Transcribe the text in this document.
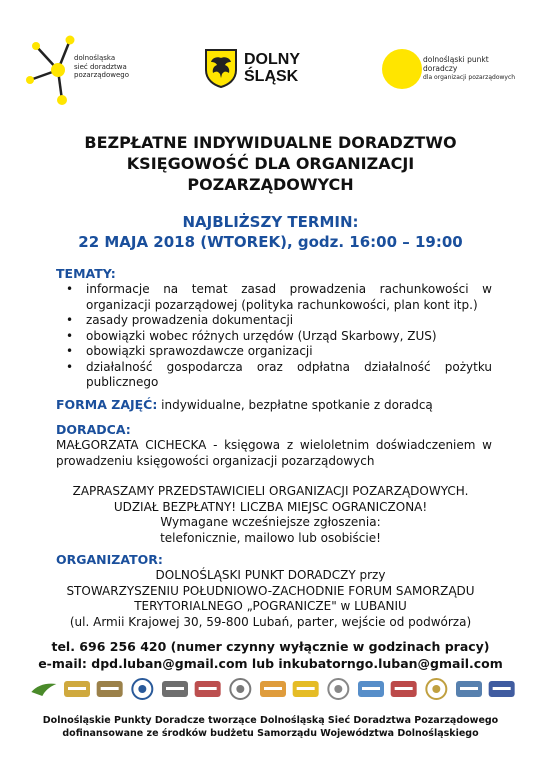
dolnośląska
sieć doradztwa
pozarządowego
DOLNY
ŚLĄSK
dolnośląski punkt
doradczy
dla organizacji pozarządowych
BEZPŁATNE INDYWIDUALNE DORADZTWO
KSIĘGOWOŚĆ DLA ORGANIZACJI
POZARZĄDOWYCH
NAJBLIŻSZY TERMIN:
22 MAJA 2018 (WTOREK), godz. 16:00 – 19:00
TEMATY:
• informacje na temat zasad prowadzenia rachunkowości w organizacji pozarządowej (polityka rachunkowości, plan kont itp.)
• zasady prowadzenia dokumentacji
• obowiązki wobec różnych urzędów (Urząd Skarbowy, ZUS)
• obowiązki sprawozdawcze organizacji
• działalność gospodarcza oraz odpłatna działalność pożytku publicznego
FORMA ZAJĘĆ: indywidualne, bezpłatne spotkanie z doradcą
DORADCA:
MAŁGORZATA CICHECKA - księgowa z wieloletnim doświadczeniem w prowadzeniu księgowości organizacji pozarządowych
ZAPRASZAMY PRZEDSTAWICIELI ORGANIZACJI POZARZĄDOWYCH.
UDZIAŁ BEZPŁATNY! LICZBA MIEJSC OGRANICZONA!
Wymagane wcześniejsze zgłoszenia:
telefonicznie, mailowo lub osobiście!
ORGANIZATOR:
DOLNOŚLĄSKI PUNKT DORADCZY przy
STOWARZYSZENIU POŁUDNIOWO-ZACHODNIE FORUM SAMORZĄDU
TERYTORIALNEGO „POGRANICZE" w LUBANIU
(ul. Armii Krajowej 30, 59-800 Lubań, parter, wejście od podwórza)
tel. 696 256 420 (numer czynny wyłącznie w godzinach pracy)
e-mail: dpd.luban@gmail.com lub inkubatorngo.luban@gmail.com
Dolnośląskie Punkty Doradcze tworzące Dolnośląską Sieć Doradztwa Pozarządowego
dofinansowane ze środków budżetu Samorządu Województwa Dolnośląskiego
